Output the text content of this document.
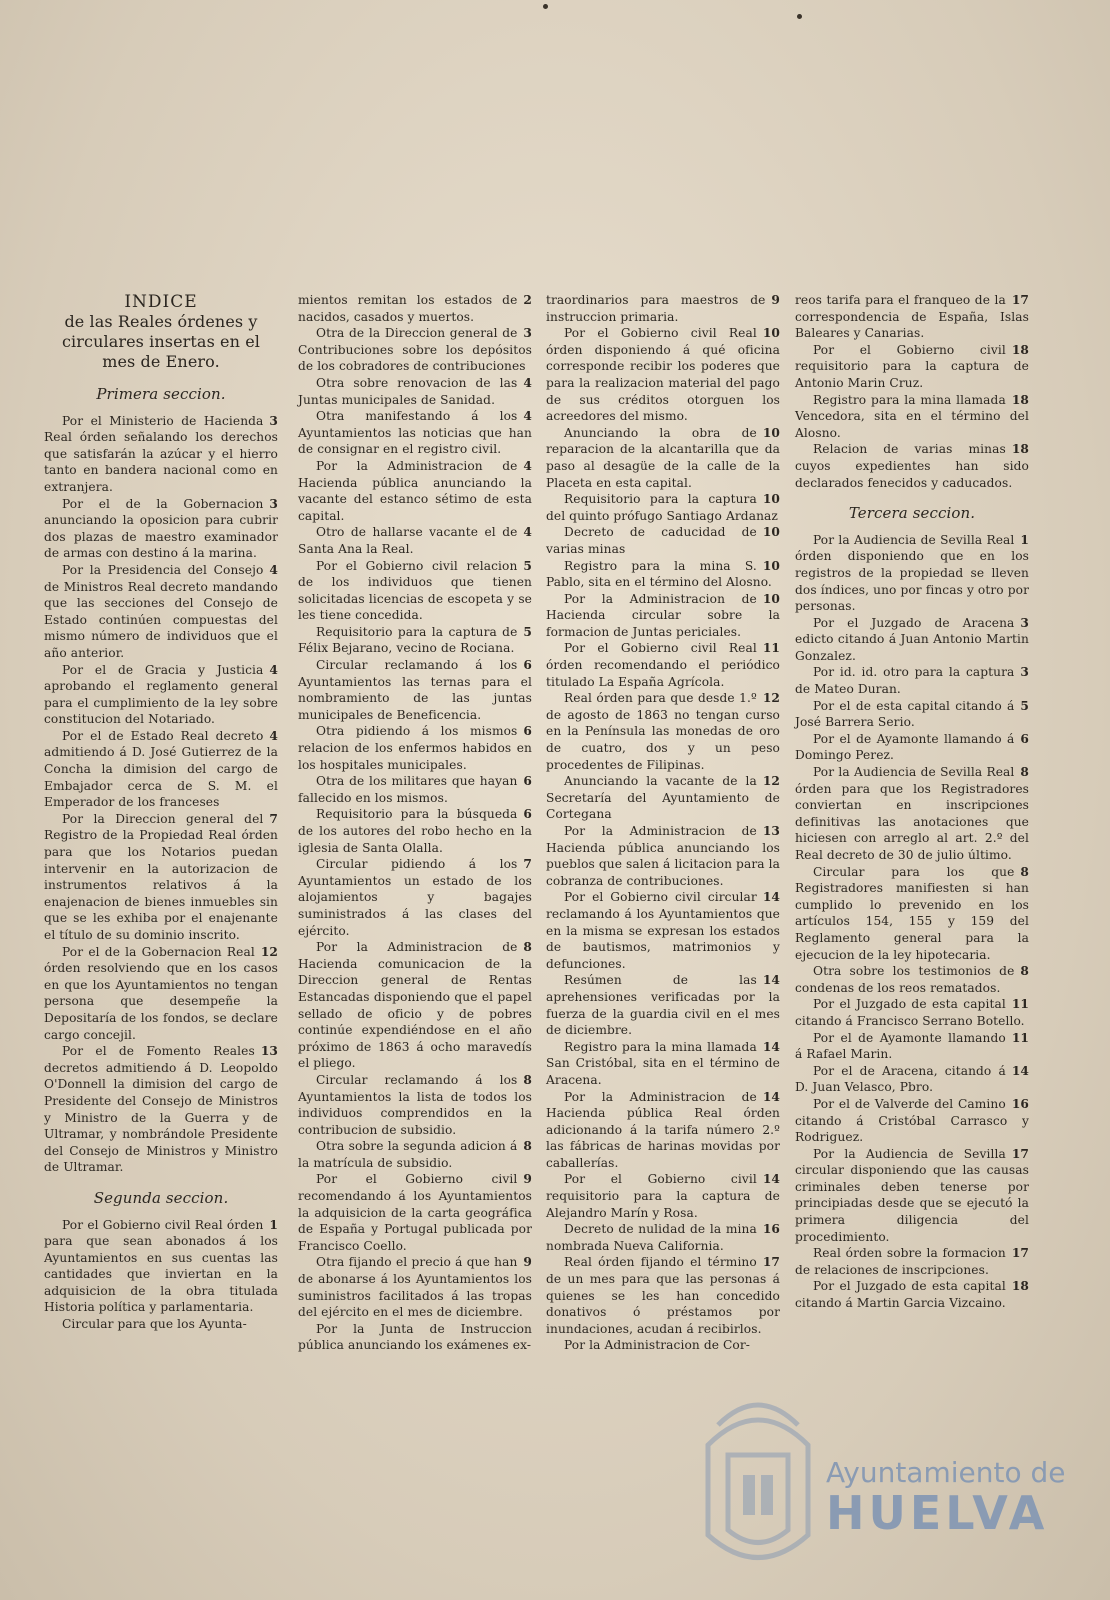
INDICE
de las Reales órdenes y circulares insertas en el mes de Enero.
Primera seccion.

3
Por el Ministerio de Hacienda Real órden señalando los derechos que satisfarán la azúcar y el hierro tanto en bandera nacional como en extranjera.

3
Por el de la Gobernacion anunciando la oposicion para cubrir dos plazas de maestro examinador de armas con destino á la marina.

4
Por la Presidencia del Consejo de Ministros Real decreto mandando que las secciones del Consejo de Estado continúen compuestas del mismo número de individuos que el año anterior.

4
Por el de Gracia y Justicia aprobando el reglamento general para el cumplimiento de la ley sobre constitucion del Notariado.

4
Por el de Estado Real decreto admitiendo á D. José Gutierrez de la Concha la dimision del cargo de Embajador cerca de S. M. el Emperador de los franceses

7
Por la Direccion general del Registro de la Propiedad Real órden para que los Notarios puedan intervenir en la autorizacion de instrumentos relativos á la enajenacion de bienes inmuebles sin que se les exhiba por el enajenante el título de su dominio inscrito.

12
Por el de la Gobernacion Real órden resolviendo que en los casos en que los Ayuntamientos no tengan persona que desempeñe la Depositaría de los fondos, se declare cargo concejil.

13
Por el de Fomento Reales decretos admitiendo á D. Leopoldo O'Donnell la dimision del cargo de Presidente del Consejo de Ministros y Ministro de la Guerra y de Ultramar, y nombrándole Presidente del Consejo de Ministros y Ministro de Ultramar.

Segunda seccion.

1
Por el Gobierno civil Real órden para que sean abonados á los Ayuntamientos en sus cuentas las cantidades que inviertan en la adquisicion de la obra titulada Historia política y parlamentaria.

Circular para que los Ayunta-

2
mientos remitan los estados de nacidos, casados y muertos.

3
Otra de la Direccion general de Contribuciones sobre los depósitos de los cobradores de contribuciones

4
Otra sobre renovacion de las Juntas municipales de Sanidad.

4
Otra manifestando á los Ayuntamientos las noticias que han de consignar en el registro civil.

4
Por la Administracion de Hacienda pública anunciando la vacante del estanco sétimo de esta capital.

4
Otro de hallarse vacante el de Santa Ana la Real.

5
Por el Gobierno civil relacion de los individuos que tienen solicitadas licencias de escopeta y se les tiene concedida.

5
Requisitorio para la captura de Félix Bejarano, vecino de Rociana.

6
Circular reclamando á los Ayuntamientos las ternas para el nombramiento de las juntas municipales de Beneficencia.

6
Otra pidiendo á los mismos relacion de los enfermos habidos en los hospitales municipales.

6
Otra de los militares que hayan fallecido en los mismos.

6
Requisitorio para la búsqueda de los autores del robo hecho en la iglesia de Santa Olalla.

7
Circular pidiendo á los Ayuntamientos un estado de los alojamientos y bagajes suministrados á las clases del ejército.

8
Por la Administracion de Hacienda comunicacion de la Direccion general de Rentas Estancadas disponiendo que el papel sellado de oficio y de pobres continúe expendiéndose en el año próximo de 1863 á ocho maravedís el pliego.

8
Circular reclamando á los Ayuntamientos la lista de todos los individuos comprendidos en la contribucion de subsidio.

8
Otra sobre la segunda adicion á la matrícula de subsidio.

9
Por el Gobierno civil recomendando á los Ayuntamientos la adquisicion de la carta geográfica de España y Portugal publicada por Francisco Coello.

9
Otra fijando el precio á que han de abonarse á los Ayuntamientos los suministros facilitados á las tropas del ejército en el mes de diciembre.

Por la Junta de Instruccion pública anunciando los exámenes ex-

9
traordinarios para maestros de instruccion primaria.

10
Por el Gobierno civil Real órden disponiendo á qué oficina corresponde recibir los poderes que para la realizacion material del pago de sus créditos otorguen los acreedores del mismo.

10
Anunciando la obra de reparacion de la alcantarilla que da paso al desagüe de la calle de la Placeta en esta capital.

10
Requisitorio para la captura del quinto prófugo Santiago Ardanaz

10
Decreto de caducidad de varias minas

10
Registro para la mina S. Pablo, sita en el término del Alosno.

10
Por la Administracion de Hacienda circular sobre la formacion de Juntas periciales.

11
Por el Gobierno civil Real órden recomendando el periódico titulado La España Agrícola.

12
Real órden para que desde 1.º de agosto de 1863 no tengan curso en la Península las monedas de oro de cuatro, dos y un peso procedentes de Filipinas.

12
Anunciando la vacante de la Secretaría del Ayuntamiento de Cortegana

13
Por la Administracion de Hacienda pública anunciando los pueblos que salen á licitacion para la cobranza de contribuciones.

14
Por el Gobierno civil circular reclamando á los Ayuntamientos que en la misma se expresan los estados de bautismos, matrimonios y defunciones.

14
Resúmen de las aprehensiones verificadas por la fuerza de la guardia civil en el mes de diciembre.

14
Registro para la mina llamada San Cristóbal, sita en el término de Aracena.

14
Por la Administracion de Hacienda pública Real órden adicionando á la tarifa número 2.º las fábricas de harinas movidas por caballerías.

14
Por el Gobierno civil requisitorio para la captura de Alejandro Marín y Rosa.

16
Decreto de nulidad de la mina nombrada Nueva California.

17
Real órden fijando el término de un mes para que las personas á quienes se les han concedido donativos ó préstamos por inundaciones, acudan á recibirlos.

Por la Administracion de Cor-

17
reos tarifa para el franqueo de la correspondencia de España, Islas Baleares y Canarias.

18
Por el Gobierno civil requisitorio para la captura de Antonio Marin Cruz.

18
Registro para la mina llamada Vencedora, sita en el término del Alosno.

18
Relacion de varias minas cuyos expedientes han sido declarados fenecidos y caducados.

Tercera seccion.

1
Por la Audiencia de Sevilla Real órden disponiendo que en los registros de la propiedad se lleven dos índices, uno por fincas y otro por personas.

3
Por el Juzgado de Aracena edicto citando á Juan Antonio Martin Gonzalez.

3
Por id. id. otro para la captura de Mateo Duran.

5
Por el de esta capital citando á José Barrera Serio.

6
Por el de Ayamonte llamando á Domingo Perez.

8
Por la Audiencia de Sevilla Real órden para que los Registradores conviertan en inscripciones definitivas las anotaciones que hiciesen con arreglo al art. 2.º del Real decreto de 30 de julio último.

8
Circular para los que Registradores manifiesten si han cumplido lo prevenido en los artículos 154, 155 y 159 del Reglamento general para la ejecucion de la ley hipotecaria.

8
Otra sobre los testimonios de condenas de los reos rematados.

11
Por el Juzgado de esta capital citando á Francisco Serrano Botello.

11
Por el de Ayamonte llamando á Rafael Marin.

14
Por el de Aracena, citando á D. Juan Velasco, Pbro.

16
Por el de Valverde del Camino citando á Cristóbal Carrasco y Rodriguez.

17
Por la Audiencia de Sevilla circular disponiendo que las causas criminales deben tenerse por principiadas desde que se ejecutó la primera diligencia del procedimiento.

17
Real órden sobre la formacion de relaciones de inscripciones.

18
Por el Juzgado de esta capital citando á Martin Garcia Vizcaino.

Ayuntamiento de
HUELVA
